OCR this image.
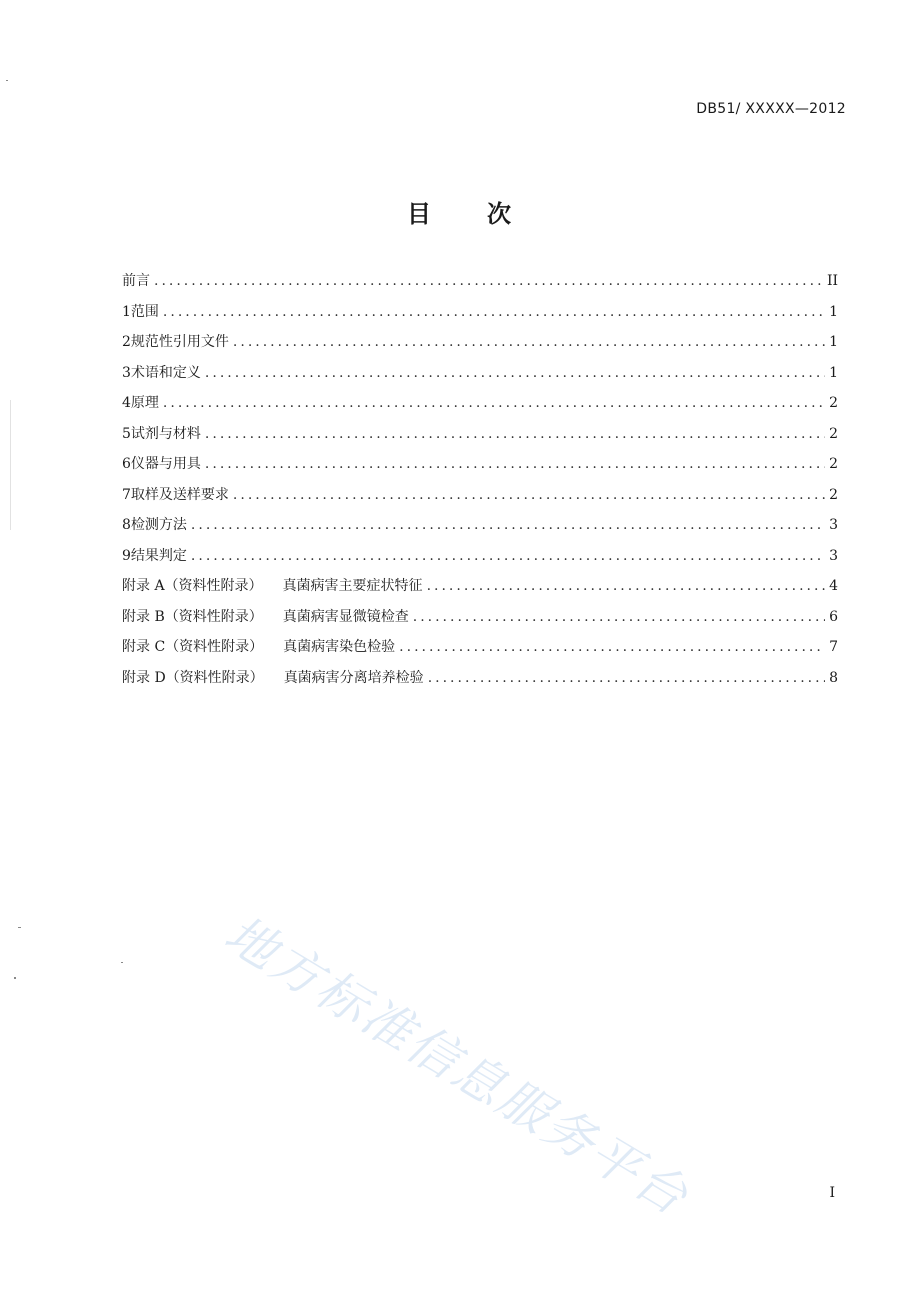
DB51/ XXXXX—2012
目 次
前言 .....	II
1 范围 .....	1
2 规范性引用文件 .....	1
3 术语和定义 .....	1
4 原理 .....	2
5 试剂与材料 .....	2
6 仪器与用具 .....	2
7 取样及送样要求 .....	2
8 检测方法 .....	3
9 结果判定 .....	3
附录 A（资料性附录） 真菌病害主要症状特征 .....	4
附录 B（资料性附录） 真菌病害显微镜检查 .....	6
附录 C（资料性附录） 真菌病害染色检验 .....	7
附录 D（资料性附录） 真菌病害分离培养检验 .....	8
地方标准信息服务平台	I
